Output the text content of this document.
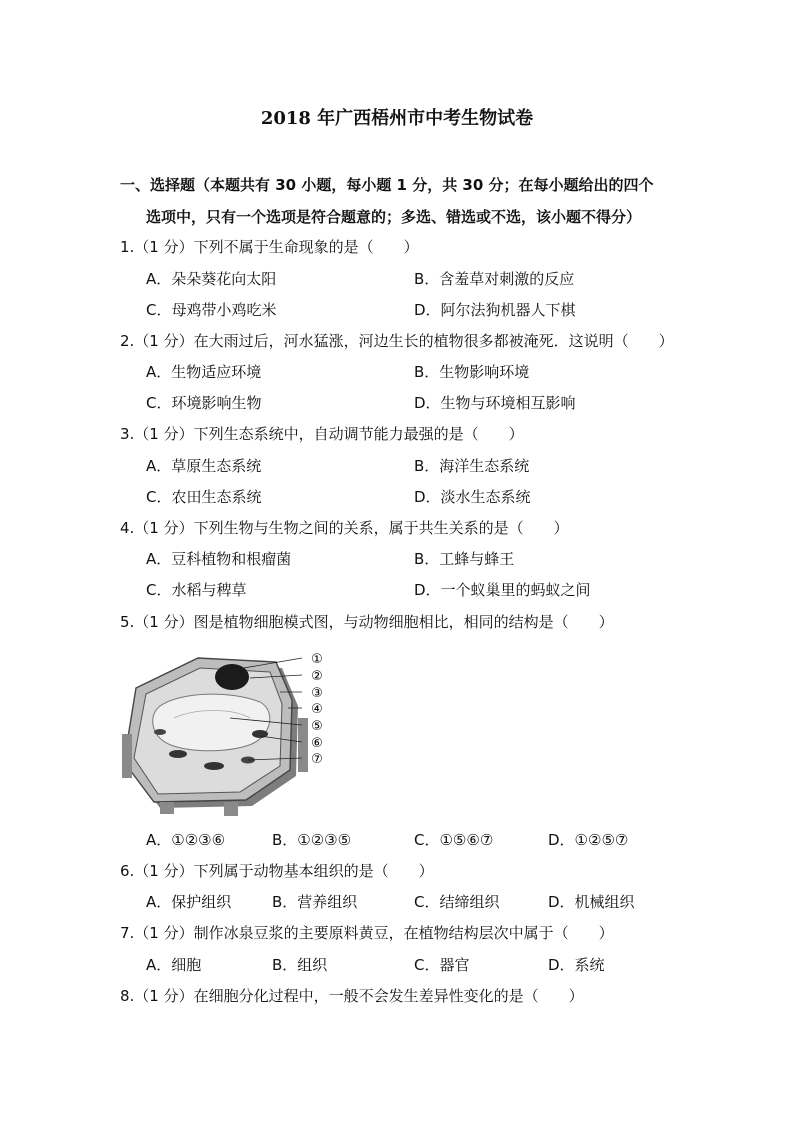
2018 年广西梧州市中考生物试卷
一、选择题（本题共有 30 小题，每小题 1 分，共 30 分；在每小题给出的四个
选项中，只有一个选项是符合题意的；多选、错选或不选，该小题不得分）
1.（1 分）下列不属于生命现象的是（　　）
A．朵朵葵花向太阳	B．含羞草对刺激的反应
C．母鸡带小鸡吃米	D．阿尔法狗机器人下棋
2.（1 分）在大雨过后，河水猛涨，河边生长的植物很多都被淹死．这说明（　　）
A．生物适应环境	B．生物影响环境
C．环境影响生物	D．生物与环境相互影响
3.（1 分）下列生态系统中，自动调节能力最强的是（　　）
A．草原生态系统	B．海洋生态系统
C．农田生态系统	D．淡水生态系统
4.（1 分）下列生物与生物之间的关系，属于共生关系的是（　　）
A．豆科植物和根瘤菌	B．工蜂与蜂王
C．水稻与稗草	D．一个蚁巢里的蚂蚁之间
5.（1 分）图是植物细胞模式图，与动物细胞相比，相同的结构是（　　）
①
②
③
④
⑤
⑥
⑦
A．①②③⑥	B．①②③⑤	C．①⑤⑥⑦	D．①②⑤⑦
6.（1 分）下列属于动物基本组织的是（　　）
A．保护组织	B．营养组织	C．结缔组织	D．机械组织
7.（1 分）制作冰泉豆浆的主要原料黄豆，在植物结构层次中属于（　　）
A．细胞	B．组织	C．器官	D．系统
8.（1 分）在细胞分化过程中，一般不会发生差异性变化的是（　　）
